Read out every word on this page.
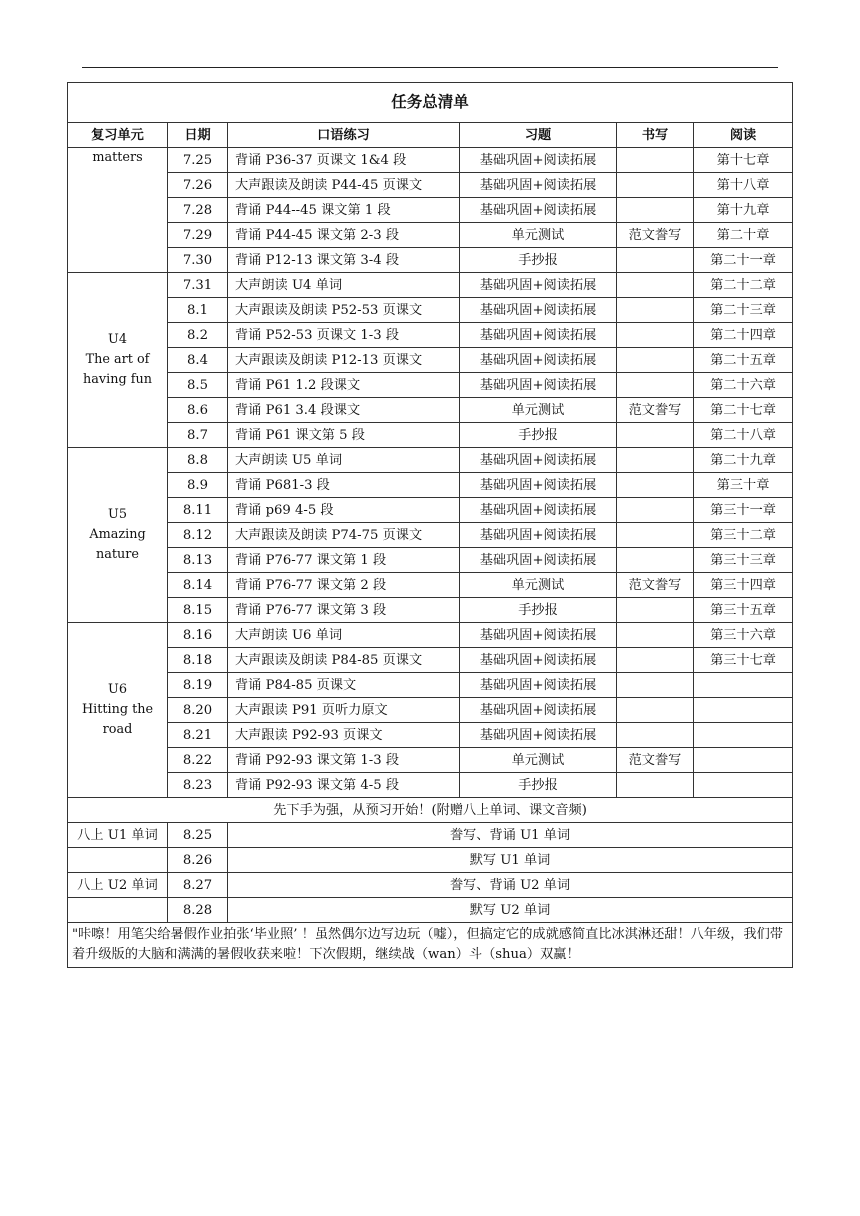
任务总清单					
复习单元	日期	口语练习	习题	书写	阅读

matters	7.25	背诵 P36-37 页课文 1&4 段	基础巩固+阅读拓展		第十七章
	7.26	大声跟读及朗读 P44-45 页课文	基础巩固+阅读拓展		第十八章
	7.28	背诵 P44--45 课文第 1 段	基础巩固+阅读拓展		第十九章
	7.29	背诵 P44-45 课文第 2-3 段	单元测试	范文誊写	第二十章
	7.30	背诵 P12-13 课文第 3-4 段	手抄报		第二十一章

U4
The art of
having fun	7.31	大声朗读 U4 单词	基础巩固+阅读拓展		第二十二章
	8.1	大声跟读及朗读 P52-53 页课文	基础巩固+阅读拓展		第二十三章
	8.2	背诵 P52-53 页课文 1-3 段	基础巩固+阅读拓展		第二十四章
	8.4	大声跟读及朗读 P12-13 页课文	基础巩固+阅读拓展		第二十五章
	8.5	背诵 P61 1.2 段课文	基础巩固+阅读拓展		第二十六章
	8.6	背诵 P61 3.4 段课文	单元测试	范文誊写	第二十七章
	8.7	背诵 P61 课文第 5 段	手抄报		第二十八章

U5
Amazing
nature	8.8	大声朗读 U5 单词	基础巩固+阅读拓展		第二十九章
	8.9	背诵 P681-3 段	基础巩固+阅读拓展		第三十章
	8.11	背诵 p69 4-5 段	基础巩固+阅读拓展		第三十一章
	8.12	大声跟读及朗读 P74-75 页课文	基础巩固+阅读拓展		第三十二章
	8.13	背诵 P76-77 课文第 1 段	基础巩固+阅读拓展		第三十三章
	8.14	背诵 P76-77 课文第 2 段	单元测试	范文誊写	第三十四章
	8.15	背诵 P76-77 课文第 3 段	手抄报		第三十五章

U6
Hitting the
road	8.16	大声朗读 U6 单词	基础巩固+阅读拓展		第三十六章
	8.18	大声跟读及朗读 P84-85 页课文	基础巩固+阅读拓展		第三十七章
	8.19	背诵 P84-85 页课文	基础巩固+阅读拓展		
	8.20	大声跟读 P91 页听力原文	基础巩固+阅读拓展		
	8.21	大声跟读 P92-93 页课文	基础巩固+阅读拓展		
	8.22	背诵 P92-93 课文第 1-3 段	单元测试	范文誊写	
	8.23	背诵 P92-93 课文第 4-5 段	手抄报		
先下手为强，从预习开始！(附赠八上单词、课文音频)					
八上 U1 单词	8.25	誊写、背诵 U1 单词			
	8.26	默写 U1 单词			
八上 U2 单词	8.27	誊写、背诵 U2 单词			
	8.28	默写 U2 单词			
"咔嚓！用笔尖给暑假作业拍张‘毕业照’ ！虽然偶尔边写边玩（嘘），但搞定它的成就感简直比冰淇淋还甜！八年级，我们带着升级版的大脑和满满的暑假收获来啦！下次假期，继续战（wan）斗（shua）双赢！					
